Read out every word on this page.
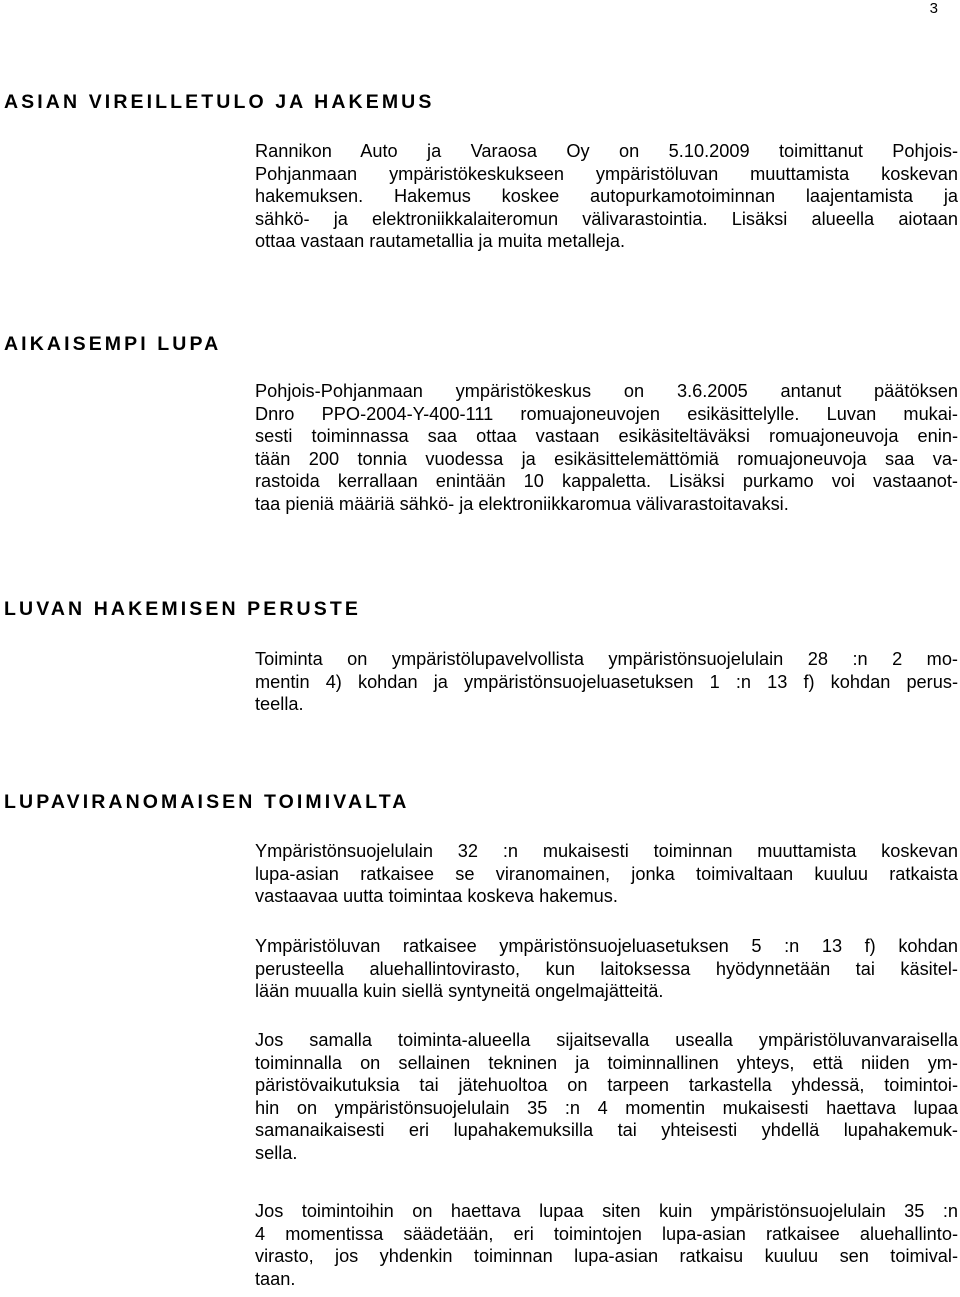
3
ASIAN VIREILLETULO JA HAKEMUS
Rannikon Auto ja Varaosa Oy on 5.10.2009 toimittanut Pohjois-
Pohjanmaan ympäristökeskukseen ympäristöluvan muuttamista koskevan
hakemuksen. Hakemus koskee autopurkamotoiminnan laajentamista ja
sähkö- ja elektroniikkalaiteromun välivarastointia. Lisäksi alueella aiotaan
ottaa vastaan rautametallia ja muita metalleja.
AIKAISEMPI LUPA
Pohjois-Pohjanmaan ympäristökeskus on 3.6.2005 antanut päätöksen
Dnro PPO-2004-Y-400-111 romuajoneuvojen esikäsittelylle. Luvan mukai-
sesti toiminnassa saa ottaa vastaan esikäsiteltäväksi romuajoneuvoja enin-
tään 200 tonnia vuodessa ja esikäsittelemättömiä romuajoneuvoja saa va-
rastoida kerrallaan enintään 10 kappaletta. Lisäksi purkamo voi vastaanot-
taa pieniä määriä sähkö- ja elektroniikkaromua välivarastoitavaksi.
LUVAN HAKEMISEN PERUSTE
Toiminta on ympäristölupavelvollista ympäristönsuojelulain 28 :n 2 mo-
mentin 4) kohdan ja ympäristönsuojeluasetuksen 1 :n 13 f) kohdan perus-
teella.
LUPAVIRANOMAISEN TOIMIVALTA
Ympäristönsuojelulain 32 :n mukaisesti toiminnan muuttamista koskevan
lupa-asian ratkaisee se viranomainen, jonka toimivaltaan kuuluu ratkaista
vastaavaa uutta toimintaa koskeva hakemus.
Ympäristöluvan ratkaisee ympäristönsuojeluasetuksen 5 :n 13 f) kohdan
perusteella aluehallintovirasto, kun laitoksessa hyödynnetään tai käsitel-
lään muualla kuin siellä syntyneitä ongelmajätteitä.
Jos samalla toiminta-alueella sijaitsevalla usealla ympäristöluvanvaraisella
toiminnalla on sellainen tekninen ja toiminnallinen yhteys, että niiden ym-
päristövaikutuksia tai jätehuoltoa on tarpeen tarkastella yhdessä, toimintoi-
hin on ympäristönsuojelulain 35 :n 4 momentin mukaisesti haettava lupaa
samanaikaisesti eri lupahakemuksilla tai yhteisesti yhdellä lupahakemuk-
sella.
Jos toimintoihin on haettava lupaa siten kuin ympäristönsuojelulain 35 :n
4 momentissa säädetään, eri toimintojen lupa-asian ratkaisee aluehallinto-
virasto, jos yhdenkin toiminnan lupa-asian ratkaisu kuuluu sen toimival-
taan.
